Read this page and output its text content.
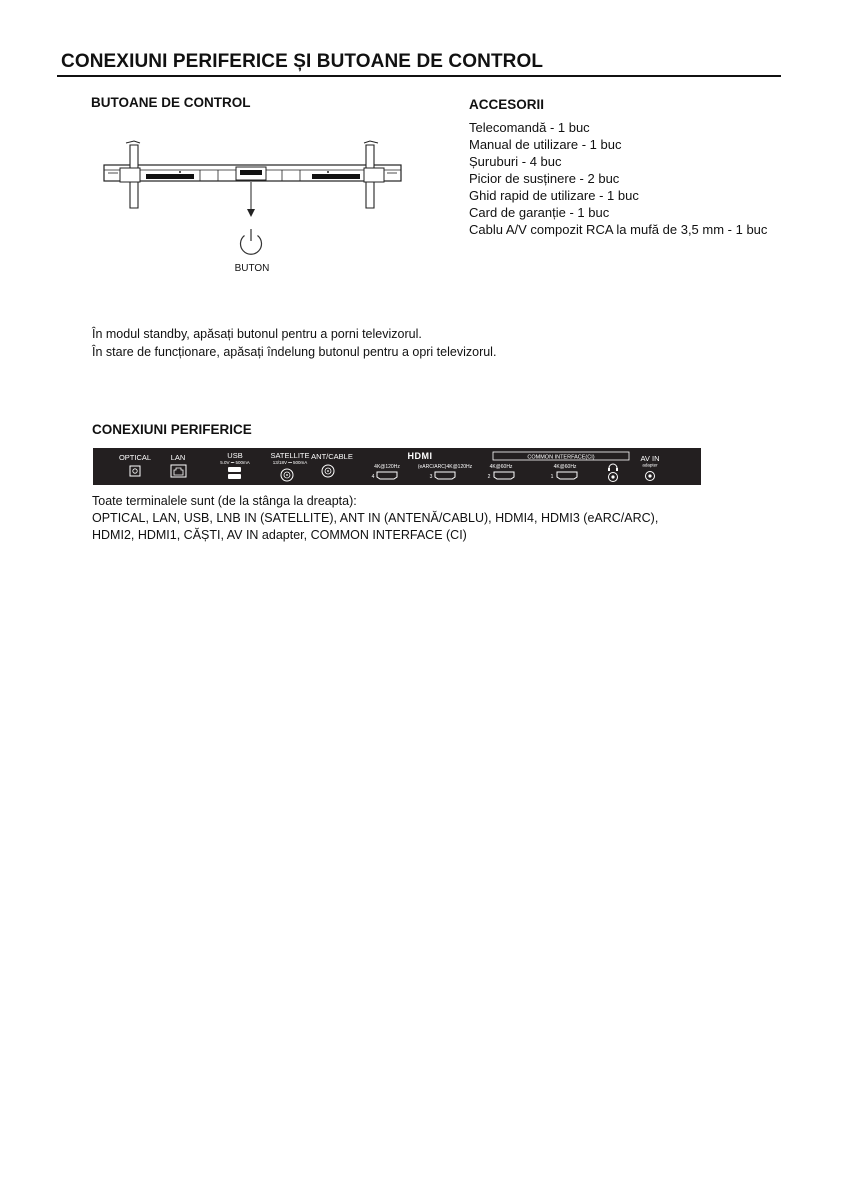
CONEXIUNI PERIFERICE ȘI BUTOANE DE CONTROL
BUTOANE DE CONTROL
BUTON
ACCESORII
Telecomandă - 1 buc
Manual de utilizare - 1 buc
Șuruburi - 4 buc
Picior de susținere - 2 buc
Ghid rapid de utilizare - 1 buc
Card de garanție - 1 buc
Cablu A/V compozit RCA la mufă de 3,5 mm - 1 buc
În modul standby, apăsați butonul pentru a porni televizorul.
În stare de funcționare, apăsați îndelung butonul pentru a opri televizorul.
CONEXIUNI PERIFERICE
OPTICAL	LAN	USB
5.0V ⎓ 500mA
SATELLITE
13/18V ⎓ 500mA
ANT/CABLE	HDMI	COMMON INTERFACE(CI)	AV IN
adapter
4K@120Hz
4
(eARC/ARC)4K@120Hz
3
4K@60Hz
2
4K@60Hz
1
Toate terminalele sunt (de la stânga la dreapta):
OPTICAL, LAN, USB, LNB IN (SATELLITE), ANT IN (ANTENĂ/CABLU), HDMI4, HDMI3 (eARC/ARC),
HDMI2, HDMI1, CĂȘTI, AV IN adapter, COMMON INTERFACE (CI)
